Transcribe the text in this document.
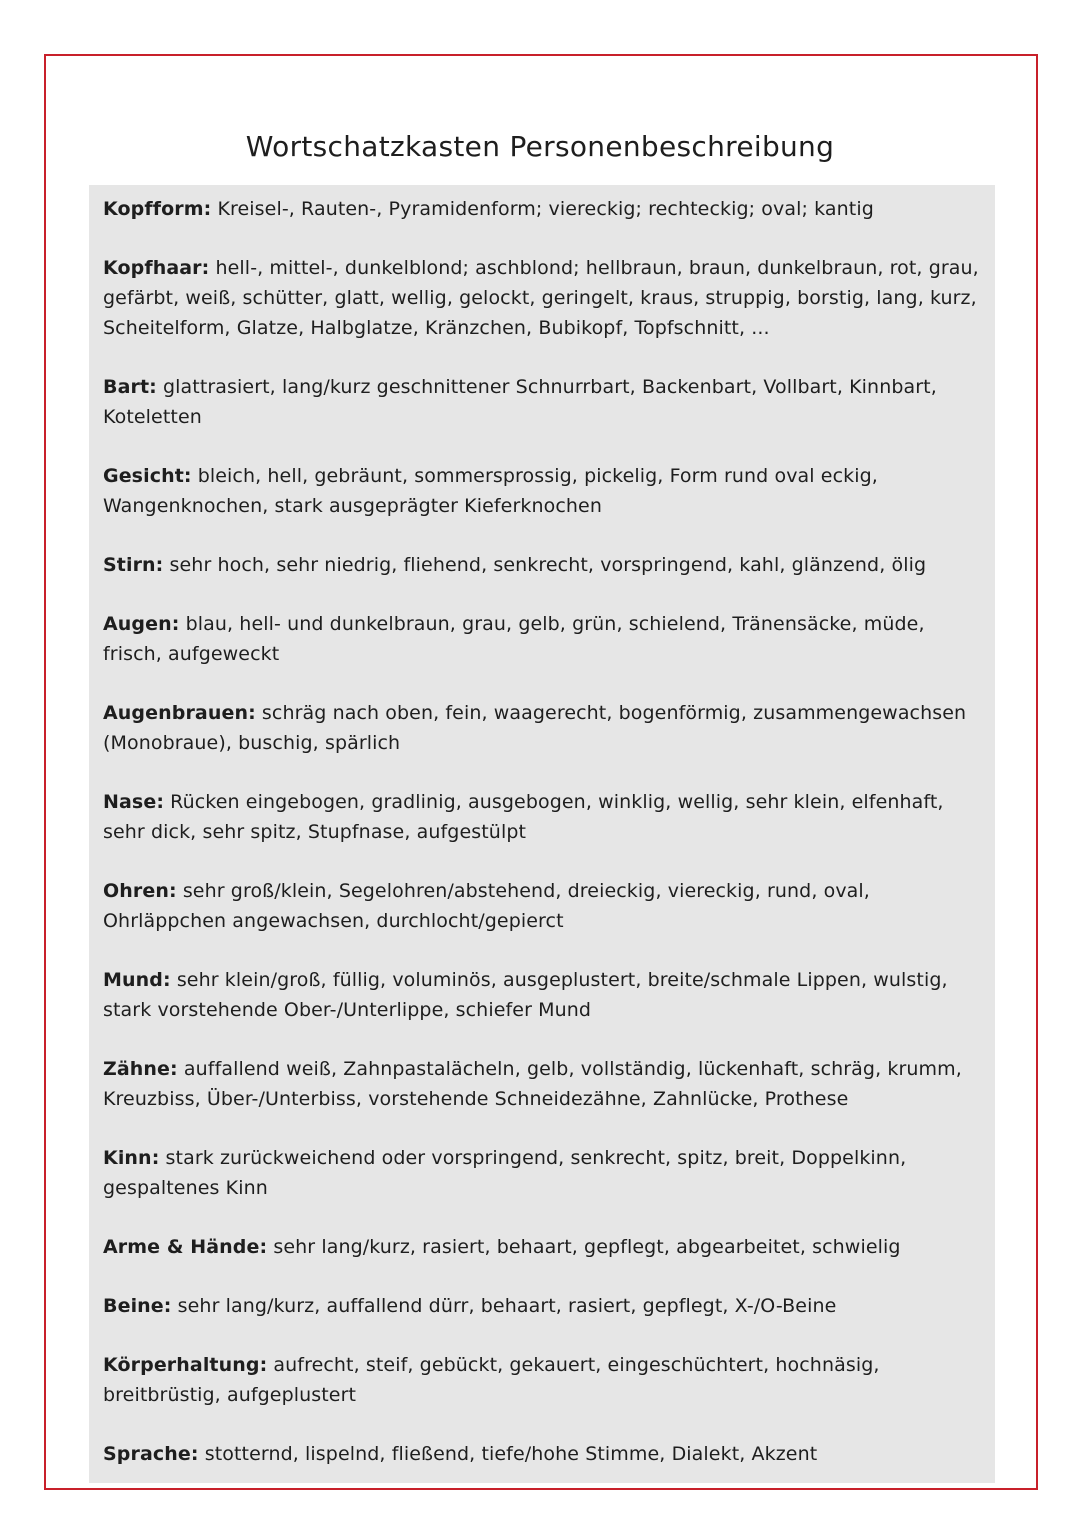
Wortschatzkasten Personenbeschreibung
Kopfform: Kreisel-, Rauten-, Pyramidenform; viereckig; rechteckig; oval; kantig
Kopfhaar: hell-, mittel-, dunkelblond; aschblond; hellbraun, braun, dunkelbraun, rot, grau, gefärbt, weiß, schütter, glatt, wellig, gelockt, geringelt, kraus, struppig, borstig, lang, kurz, Scheitelform, Glatze, Halbglatze, Kränzchen, Bubikopf, Topfschnitt, ...
Bart: glattrasiert, lang/kurz geschnittener Schnurrbart, Backenbart, Vollbart, Kinnbart, Koteletten
Gesicht: bleich, hell, gebräunt, sommersprossig, pickelig, Form rund oval eckig, Wangenknochen, stark ausgeprägter Kieferknochen
Stirn: sehr hoch, sehr niedrig, fliehend, senkrecht, vorspringend, kahl, glänzend, ölig
Augen: blau, hell- und dunkelbraun, grau, gelb, grün, schielend, Tränensäcke, müde, frisch, aufgeweckt
Augenbrauen: schräg nach oben, fein, waagerecht, bogenförmig, zusammengewachsen (Monobraue), buschig, spärlich
Nase: Rücken eingebogen, gradlinig, ausgebogen, winklig, wellig, sehr klein, elfenhaft, sehr dick, sehr spitz, Stupfnase, aufgestülpt
Ohren: sehr groß/klein, Segelohren/abstehend, dreieckig, viereckig, rund, oval, Ohrläppchen angewachsen, durchlocht/gepierct
Mund: sehr klein/groß, füllig, voluminös, ausgeplustert, breite/schmale Lippen, wulstig, stark vorstehende Ober-/Unterlippe, schiefer Mund
Zähne: auffallend weiß, Zahnpastalächeln, gelb, vollständig, lückenhaft, schräg, krumm, Kreuzbiss, Über-/Unterbiss, vorstehende Schneidezähne, Zahnlücke, Prothese
Kinn: stark zurückweichend oder vorspringend, senkrecht, spitz, breit, Doppelkinn, gespaltenes Kinn
Arme & Hände: sehr lang/kurz, rasiert, behaart, gepflegt, abgearbeitet, schwielig
Beine: sehr lang/kurz, auffallend dürr, behaart, rasiert, gepflegt, X-/O-Beine
Körperhaltung: aufrecht, steif, gebückt, gekauert, eingeschüchtert, hochnäsig, breitbrüstig, aufgeplustert
Sprache: stotternd, lispelnd, fließend, tiefe/hohe Stimme, Dialekt, Akzent
